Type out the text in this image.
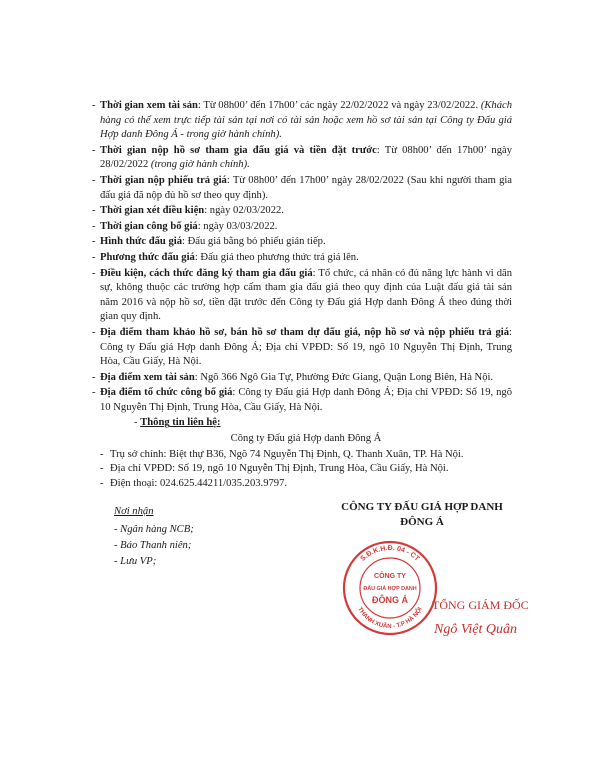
- Thời gian xem tài sản: Từ 08h00’ đến 17h00’ các ngày 22/02/2022 và ngày 23/02/2022. (Khách hàng có thể xem trực tiếp tài sản tại nơi có tài sản hoặc xem hồ sơ tài sản tại Công ty Đấu giá Hợp danh Đông Á - trong giờ hành chính).
- Thời gian nộp hồ sơ tham gia đấu giá và tiền đặt trước: Từ 08h00’ đến 17h00’ ngày 28/02/2022 (trong giờ hành chính).
- Thời gian nộp phiếu trả giá: Từ 08h00’ đến 17h00’ ngày 28/02/2022 (Sau khi người tham gia đấu giá đã nộp đủ hồ sơ theo quy định).
- Thời gian xét điều kiện: ngày 02/03/2022.
- Thời gian công bố giá: ngày 03/03/2022.
- Hình thức đấu giá: Đấu giá bằng bỏ phiếu gián tiếp.
- Phương thức đấu giá: Đấu giá theo phương thức trả giá lên.
- Điều kiện, cách thức đăng ký tham gia đấu giá: Tổ chức, cá nhân có đủ năng lực hành vi dân sự, không thuộc các trường hợp cấm tham gia đấu giá theo quy định của Luật đấu giá tài sản năm 2016 và nộp hồ sơ, tiền đặt trước đến Công ty Đấu giá Hợp danh Đông Á theo đúng thời gian quy định.
- Địa điểm tham khảo hồ sơ, bán hồ sơ tham dự đấu giá, nộp hồ sơ và nộp phiếu trả giá: Công ty Đấu giá Hợp danh Đông Á; Địa chỉ VPĐD: Số 19, ngõ 10 Nguyễn Thị Định, Trung Hòa, Cầu Giấy, Hà Nội.
- Địa điểm xem tài sản: Ngõ 366 Ngô Gia Tự, Phường Đức Giang, Quận Long Biên, Hà Nội.
- Địa điểm tổ chức công bố giá: Công ty Đấu giá Hợp danh Đông Á; Địa chỉ VPĐD: Số 19, ngõ 10 Nguyễn Thị Định, Trung Hòa, Cầu Giấy, Hà Nội.
- Thông tin liên hệ:
Công ty Đấu giá Hợp danh Đông Á
- Trụ sở chính: Biệt thự B36, Ngõ 74 Nguyễn Thị Định, Q. Thanh Xuân, TP. Hà Nội.
- Địa chỉ VPĐD: Số 19, ngõ 10 Nguyễn Thị Định, Trung Hòa, Cầu Giấy, Hà Nội.
- Điện thoại: 024.625.44211/035.203.9797.
Nơi nhận
- Ngân hàng NCB;
- Báo Thanh niên;
- Lưu VP;
CÔNG TY ĐẤU GIÁ HỢP DANH
ĐÔNG Á
S.Đ.K.H.Đ. 04 - CT
THANH XUÂN - T.P HÀ NỘI
CÔNG TY
ĐẤU GIÁ HỢP DANH
ĐÔNG Á TỔNG GIÁM ĐỐC
Ngô Việt Quân
